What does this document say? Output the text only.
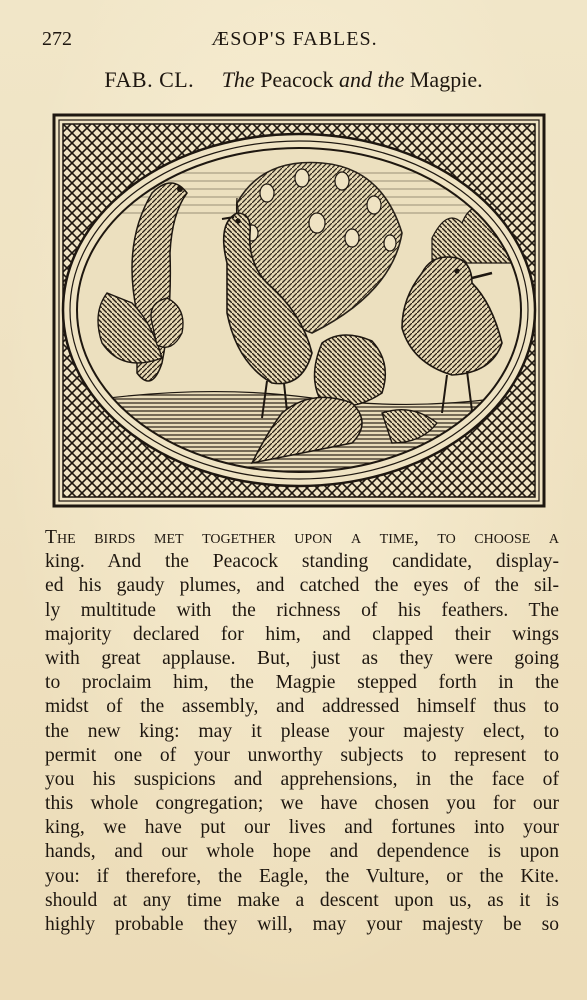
272	ÆSOP'S FABLES.
FAB. CL. The Peacock and the Magpie.
The birds met together upon a time, to choose a
king. And the Peacock standing candidate, display-
ed his gaudy plumes, and catched the eyes of the sil-
ly multitude with the richness of his feathers. The
majority declared for him, and clapped their wings
with great applause. But, just as they were going
to proclaim him, the Magpie stepped forth in the
midst of the assembly, and addressed himself thus to
the new king: may it please your majesty elect, to
permit one of your unworthy subjects to represent to
you his suspicions and apprehensions, in the face of
this whole congregation; we have chosen you for our
king, we have put our lives and fortunes into your
hands, and our whole hope and dependence is upon
you: if therefore, the Eagle, the Vulture, or the Kite.
should at any time make a descent upon us, as it is
highly probable they will, may your majesty be so
